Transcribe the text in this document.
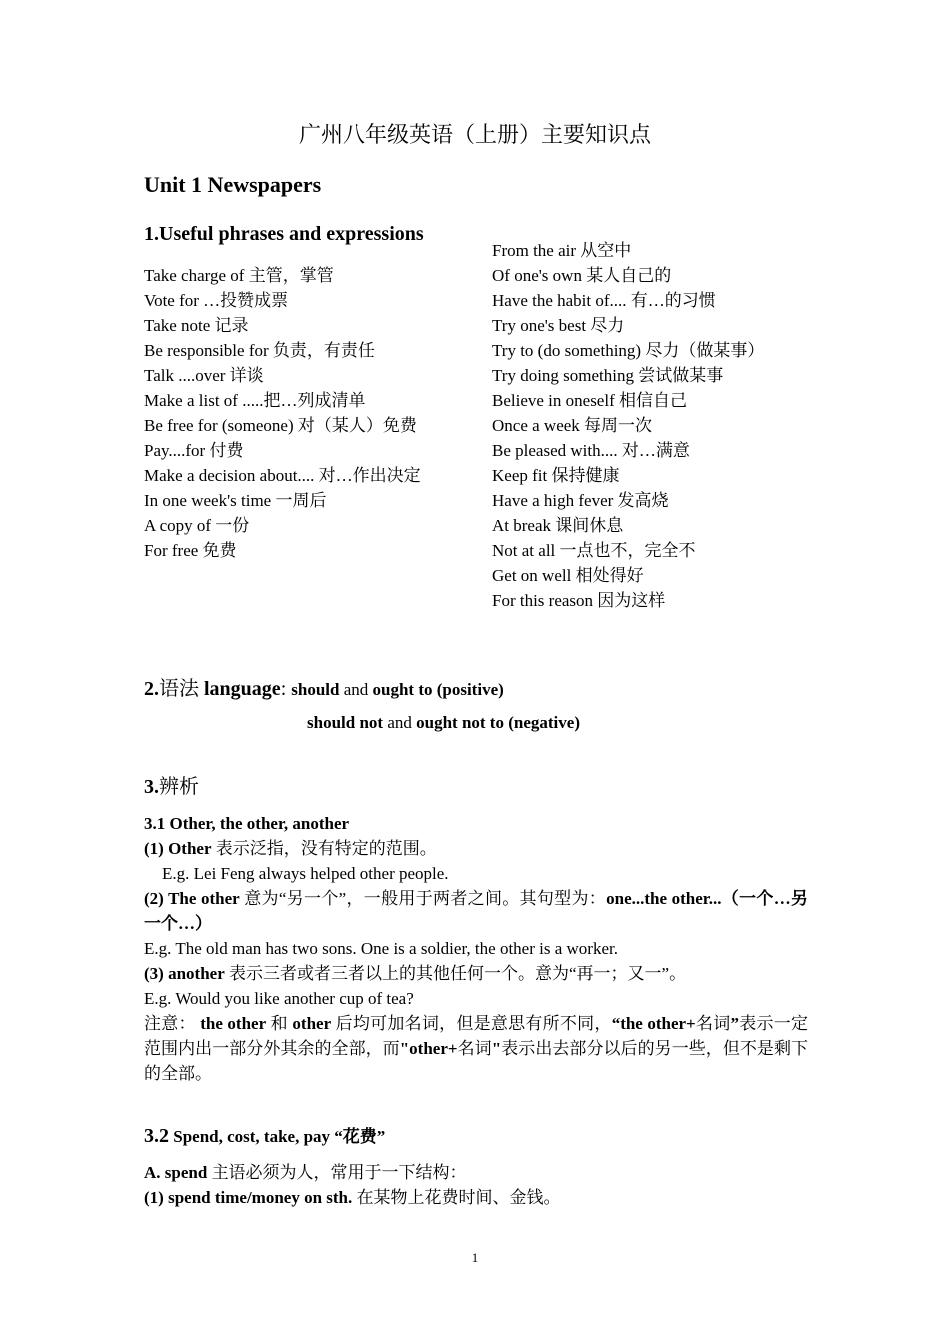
广州八年级英语（上册）主要知识点
Unit 1 Newspapers
1.Useful phrases and expressions
Take charge of 主管，掌管
Vote for …投赞成票
Take note 记录
Be responsible for 负责，有责任
Talk ....over 详谈
Make a list of .....把…列成清单
Be free for (someone) 对（某人）免费
Pay....for 付费
Make a decision about.... 对…作出决定
In one week's time 一周后
A copy of 一份
For free 免费
From the air 从空中
Of one's own 某人自己的
Have the habit of.... 有…的习惯
Try one's best 尽力
Try to (do something) 尽力（做某事）
Try doing something 尝试做某事
Believe in oneself 相信自己
Once a week 每周一次
Be pleased with.... 对…满意
Keep fit 保持健康
Have a high fever 发高烧
At break 课间休息
Not at all 一点也不，完全不
Get on well 相处得好
For this reason 因为这样
2.语法 language: should and ought to (positive)
should not and ought not to (negative)
3.辨析
3.1 Other, the other, another
(1) Other 表示泛指，没有特定的范围。
E.g. Lei Feng always helped other people.
(2) The other 意为“另一个”，一般用于两者之间。其句型为：one...the other...（一个…另一个…）
E.g. The old man has two sons. One is a soldier, the other is a worker.
(3) another 表示三者或者三者以上的其他任何一个。意为“再一；又一”。
E.g. Would you like another cup of tea?
注意： the other 和 other 后均可加名词，但是意思有所不同，“the other+名词”表示一定范围内出一部分外其余的全部，而"other+名词"表示出去部分以后的另一些，但不是剩下的全部。
3.2 Spend, cost, take, pay “花费”
A. spend 主语必须为人，常用于一下结构：
(1) spend time/money on sth. 在某物上花费时间、金钱。
1
